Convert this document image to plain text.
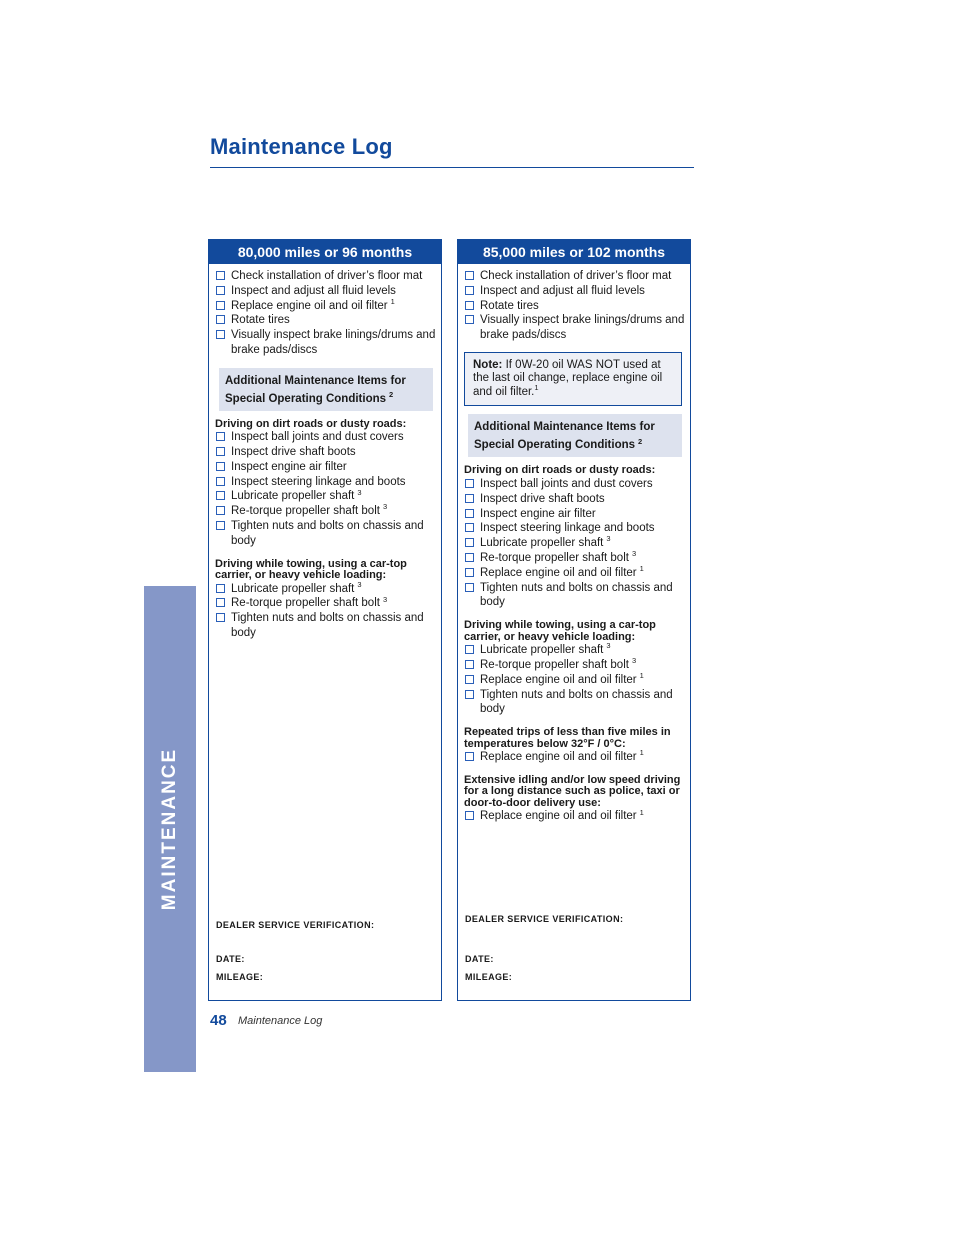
Maintenance Log
MAINTENANCE
80,000 miles or 96 months
Check installation of driver’s floor mat
Inspect and adjust all fluid levels
Replace engine oil and oil filter $^1$
Rotate tires
Visually inspect brake linings/drums and brake pads/discs
Additional Maintenance Items for
Special Operating Conditions $^2$
Driving on dirt roads or dusty roads:
Inspect ball joints and dust covers
Inspect drive shaft boots
Inspect engine air filter
Inspect steering linkage and boots
Lubricate propeller shaft $^3$
Re-torque propeller shaft bolt $^3$
Tighten nuts and bolts on chassis and body
Driving while towing, using a car-top carrier, or heavy vehicle loading:
Lubricate propeller shaft $^3$
Re-torque propeller shaft bolt $^3$
Tighten nuts and bolts on chassis and body
DEALER SERVICE VERIFICATION:
DATE:
MILEAGE:
85,000 miles or 102 months
Check installation of driver’s floor mat
Inspect and adjust all fluid levels
Rotate tires
Visually inspect brake linings/drums and brake pads/discs
Note: If 0W-20 oil WAS NOT used at the last oil change, replace engine oil and oil filter.$^1$
Additional Maintenance Items for
Special Operating Conditions $^2$
Driving on dirt roads or dusty roads:
Inspect ball joints and dust covers
Inspect drive shaft boots
Inspect engine air filter
Inspect steering linkage and boots
Lubricate propeller shaft $^3$
Re-torque propeller shaft bolt $^3$
Replace engine oil and oil filter $^1$
Tighten nuts and bolts on chassis and body
Driving while towing, using a car-top carrier, or heavy vehicle loading:
Lubricate propeller shaft $^3$
Re-torque propeller shaft bolt $^3$
Replace engine oil and oil filter $^1$
Tighten nuts and bolts on chassis and body
Repeated trips of less than five miles in temperatures below 32°F / 0°C:
Replace engine oil and oil filter $^1$
Extensive idling and/or low speed driving for a long distance such as police, taxi or door-to-door delivery use:
Replace engine oil and oil filter $^1$
DEALER SERVICE VERIFICATION:
DATE:
MILEAGE:
48 Maintenance Log
